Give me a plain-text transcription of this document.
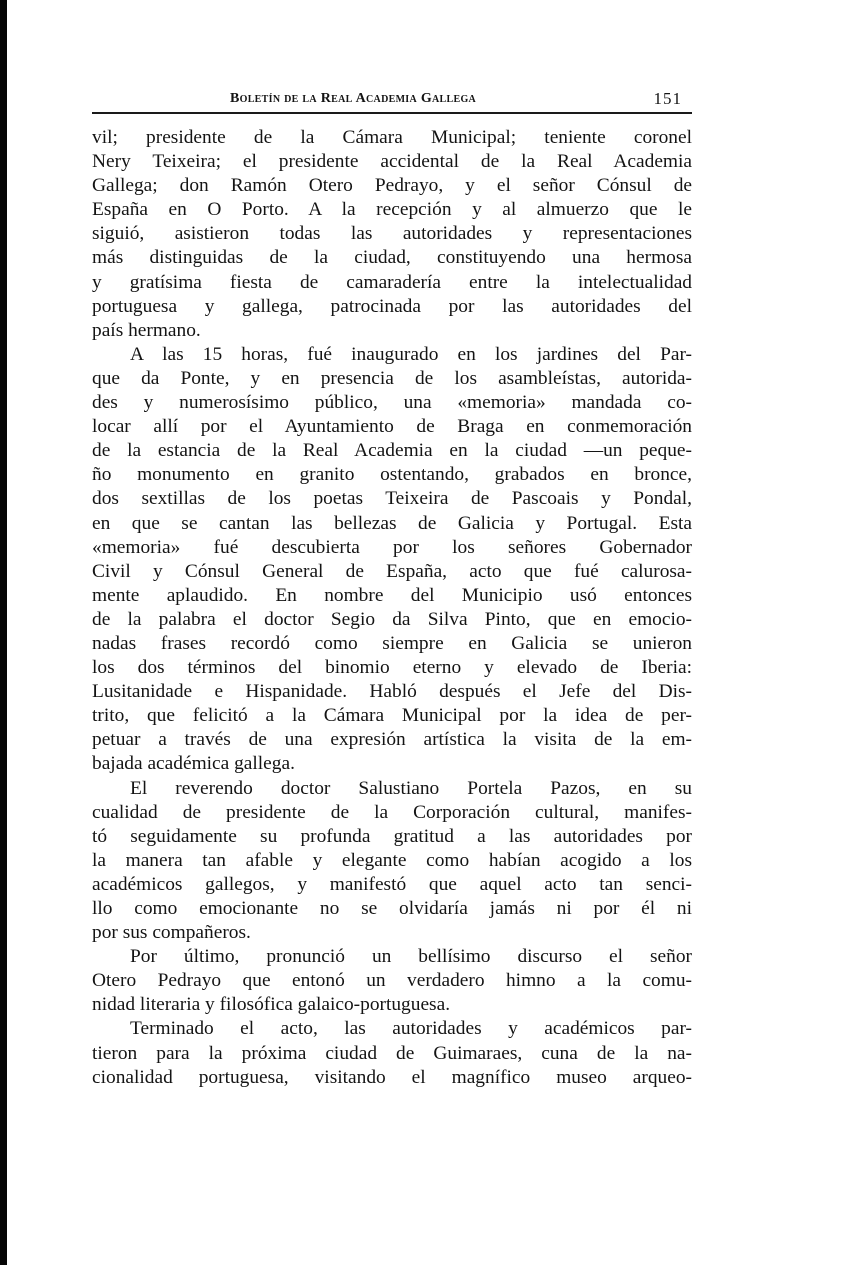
Boletín de la Real Academia Gallega	151
vil; presidente de la Cámara Municipal; teniente coronel
Nery Teixeira; el presidente accidental de la Real Academia
Gallega; don Ramón Otero Pedrayo, y el señor Cónsul de
España en O Porto. A la recepción y al almuerzo que le
siguió, asistieron todas las autoridades y representaciones
más distinguidas de la ciudad, constituyendo una hermosa
y gratísima fiesta de camaradería entre la intelectualidad
portuguesa y gallega, patrocinada por las autoridades del
país hermano.
A las 15 horas, fué inaugurado en los jardines del Par-
que da Ponte, y en presencia de los asambleístas, autorida-
des y numerosísimo público, una «memoria» mandada co-
locar allí por el Ayuntamiento de Braga en conmemoración
de la estancia de la Real Academia en la ciudad —un peque-
ño monumento en granito ostentando, grabados en bronce,
dos sextillas de los poetas Teixeira de Pascoais y Pondal,
en que se cantan las bellezas de Galicia y Portugal. Esta
«memoria» fué descubierta por los señores Gobernador
Civil y Cónsul General de España, acto que fué calurosa-
mente aplaudido. En nombre del Municipio usó entonces
de la palabra el doctor Segio da Silva Pinto, que en emocio-
nadas frases recordó como siempre en Galicia se unieron
los dos términos del binomio eterno y elevado de Iberia:
Lusitanidade e Hispanidade. Habló después el Jefe del Dis-
trito, que felicitó a la Cámara Municipal por la idea de per-
petuar a través de una expresión artística la visita de la em-
bajada académica gallega.
El reverendo doctor Salustiano Portela Pazos, en su
cualidad de presidente de la Corporación cultural, manifes-
tó seguidamente su profunda gratitud a las autoridades por
la manera tan afable y elegante como habían acogido a los
académicos gallegos, y manifestó que aquel acto tan senci-
llo como emocionante no se olvidaría jamás ni por él ni
por sus compañeros.
Por último, pronunció un bellísimo discurso el señor
Otero Pedrayo que entonó un verdadero himno a la comu-
nidad literaria y filosófica galaico-portuguesa.
Terminado el acto, las autoridades y académicos par-
tieron para la próxima ciudad de Guimaraes, cuna de la na-
cionalidad portuguesa, visitando el magnífico museo arqueo-
